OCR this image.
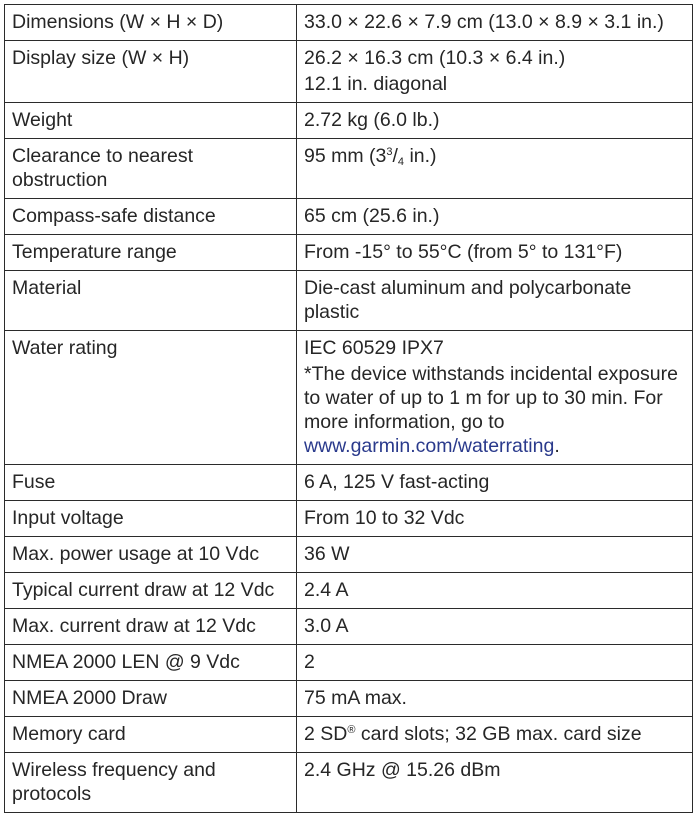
Dimensions (W × H × D)	33.0 × 22.6 × 7.9 cm (13.0 × 8.9 × 3.1 in.)
Display size (W × H)	26.2 × 16.3 cm (10.3 × 6.4 in.)
12.1 in. diagonal

Weight	2.72 kg (6.0 lb.)
Clearance to nearest obstruction	95 mm ($3^3/_4$ in.)
Compass-safe distance	65 cm (25.6 in.)
Temperature range	From -15° to 55°C (from 5° to 131°F)
Material	Die-cast aluminum and polycarbonate plastic
Water rating	IEC 60529 IPX7
*The device withstands incidental exposure to water of up to 1 m for up to 30 min. For more information, go to www.garmin.com/waterrating.

Fuse	6 A, 125 V fast-acting
Input voltage	From 10 to 32 Vdc
Max. power usage at 10 Vdc	36 W
Typical current draw at 12 Vdc	2.4 A
Max. current draw at 12 Vdc	3.0 A
NMEA 2000 LEN @ 9 Vdc	2
NMEA 2000 Draw	75 mA max.
Memory card	2 SD® card slots; 32 GB max. card size
Wireless frequency and protocols	2.4 GHz @ 15.26 dBm
